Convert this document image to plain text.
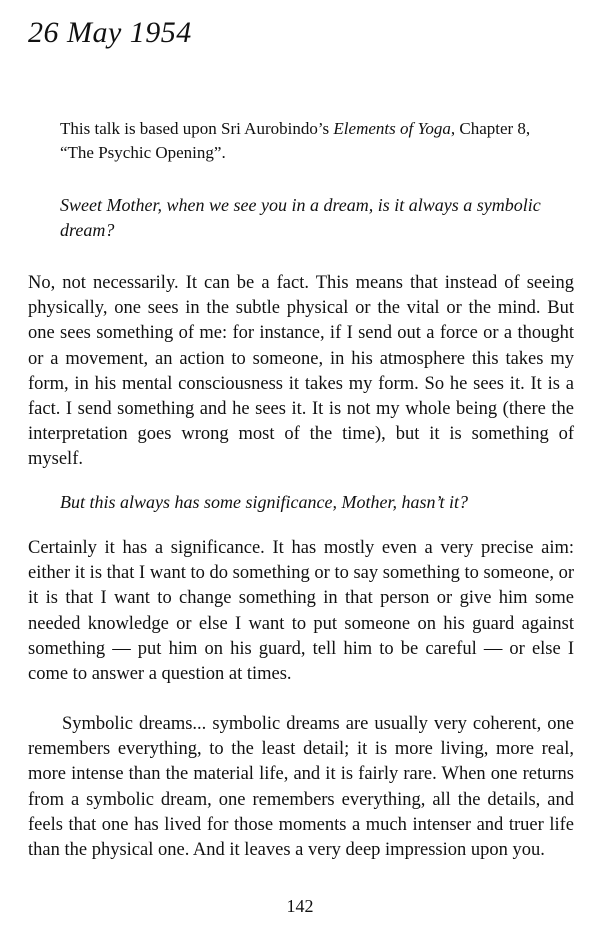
26 May 1954

This talk is based upon Sri Aurobindo’s Elements of Yoga, Chapter 8, “The Psychic Opening”.

Sweet Mother, when we see you in a dream, is it always a symbolic dream?

No, not necessarily. It can be a fact. This means that instead of seeing physically, one sees in the subtle physical or the vital or the mind. But one sees something of me: for instance, if I send out a force or a thought or a movement, an action to someone, in his atmosphere this takes my form, in his mental consciousness it takes my form. So he sees it. It is a fact. I send something and he sees it. It is not my whole being (there the interpretation goes wrong most of the time), but it is something of myself.

But this always has some significance, Mother, hasn’t it?

Certainly it has a significance. It has mostly even a very precise aim: either it is that I want to do something or to say something to someone, or it is that I want to change something in that person or give him some needed knowledge or else I want to put someone on his guard against something — put him on his guard, tell him to be careful — or else I come to answer a question at times.

Symbolic dreams... symbolic dreams are usually very coherent, one remembers everything, to the least detail; it is more living, more real, more intense than the material life, and it is fairly rare. When one returns from a symbolic dream, one remembers everything, all the details, and feels that one has lived for those moments a much intenser and truer life than the physical one. And it leaves a very deep impression upon you.

142
